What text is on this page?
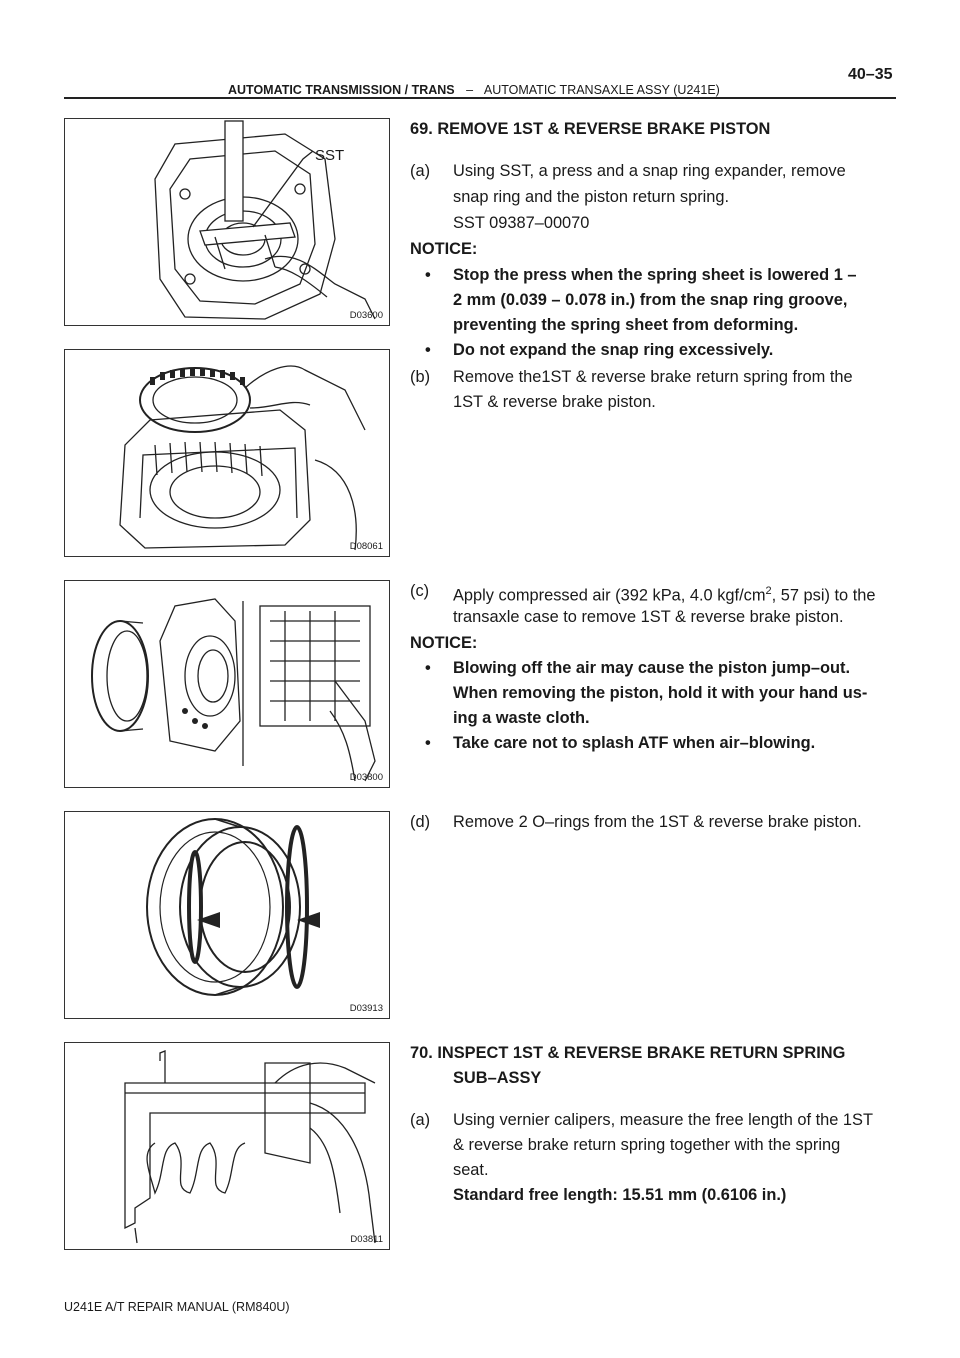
40–35
AUTOMATIC TRANSMISSION / TRANS – AUTOMATIC TRANSAXLE ASSY (U241E)
SST
D03600
D08061
D03800
D03913
D03811
69. REMOVE 1ST & REVERSE BRAKE PISTON
(a) Using SST, a press and a snap ring expander, remove
snap ring and the piston return spring.
SST 09387–00070
NOTICE:
• Stop the press when the spring sheet is lowered 1 –
2 mm (0.039 – 0.078 in.) from the snap ring groove,
preventing the spring sheet from deforming.
• Do not expand the snap ring excessively.
(b) Remove the1ST & reverse brake return spring from the
1ST & reverse brake piston.
(c) Apply compressed air (392 kPa, 4.0 kgf/$cm^2$, 57 psi) to the
transaxle case to remove 1ST & reverse brake piston.
NOTICE:
• Blowing off the air may cause the piston jump–out.
When removing the piston, hold it with your hand us-
ing a waste cloth.
• Take care not to splash ATF when air–blowing.
(d) Remove 2 O–rings from the 1ST & reverse brake piston.
70. INSPECT 1ST & REVERSE BRAKE RETURN SPRING
SUB–ASSY
(a) Using vernier calipers, measure the free length of the 1ST
& reverse brake return spring together with the spring
seat.
Standard free length: 15.51 mm (0.6106 in.)
U241E A/T REPAIR MANUAL (RM840U)
